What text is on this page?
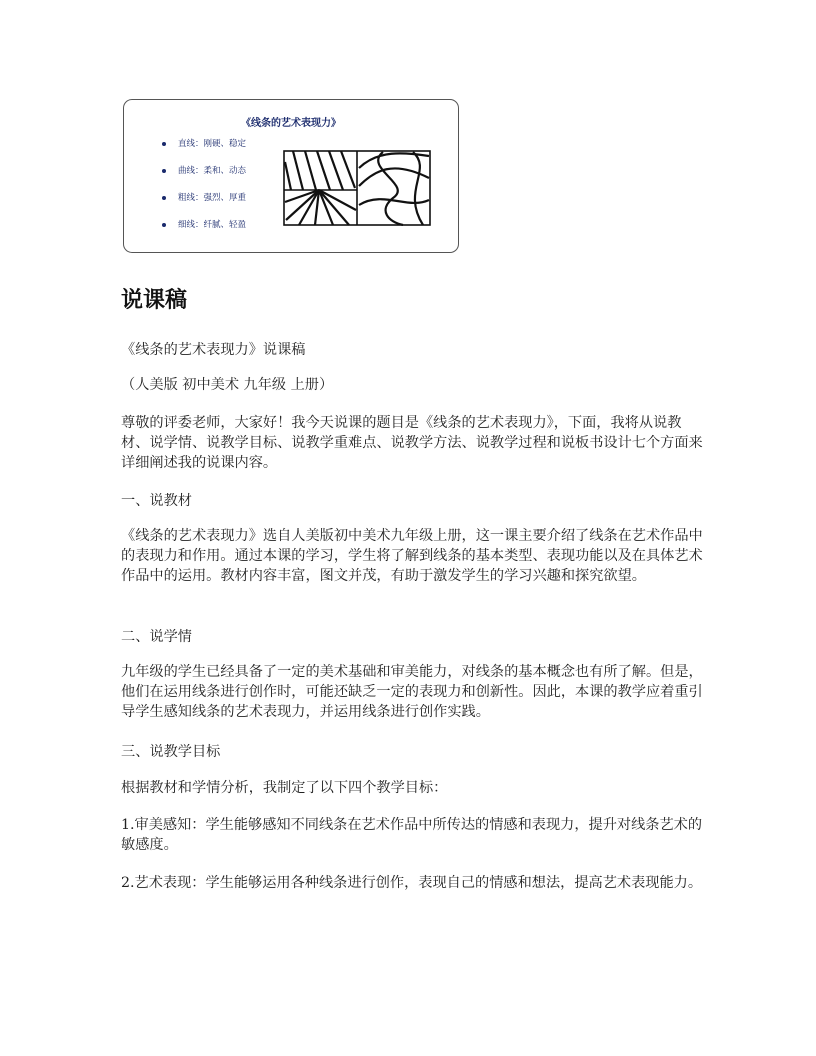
《线条的艺术表现力》
直线：刚硬、稳定
曲线：柔和、动态
粗线：强烈、厚重
细线：纤腻、轻盈
说课稿

《线条的艺术表现力》说课稿

（人美版 初中美术 九年级 上册）

尊敬的评委老师，大家好！我今天说课的题目是《线条的艺术表现力》，下面，我将从说教材、说学情、说教学目标、说教学重难点、说教学方法、说教学过程和说板书设计七个方面来详细阐述我的说课内容。

一、说教材

《线条的艺术表现力》选自人美版初中美术九年级上册，这一课主要介绍了线条在艺术作品中的表现力和作用。通过本课的学习，学生将了解到线条的基本类型、表现功能以及在具体艺术作品中的运用。教材内容丰富，图文并茂，有助于激发学生的学习兴趣和探究欲望。

二、说学情

九年级的学生已经具备了一定的美术基础和审美能力，对线条的基本概念也有所了解。但是，他们在运用线条进行创作时，可能还缺乏一定的表现力和创新性。因此，本课的教学应着重引导学生感知线条的艺术表现力，并运用线条进行创作实践。

三、说教学目标

根据教材和学情分析，我制定了以下四个教学目标：

1.审美感知：学生能够感知不同线条在艺术作品中所传达的情感和表现力，提升对线条艺术的敏感度。

2.艺术表现：学生能够运用各种线条进行创作，表现自己的情感和想法，提高艺术表现能力。
